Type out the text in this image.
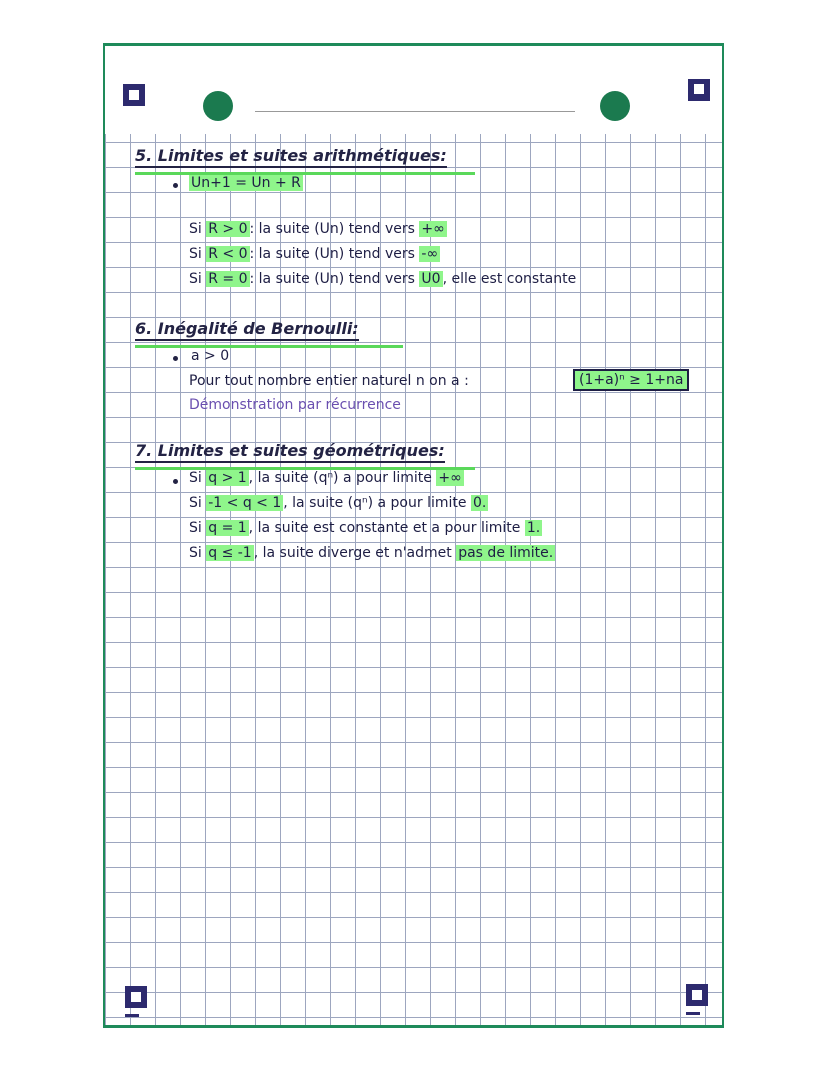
5. Limites et suites arithmétiques:
Un+1 = Un + R
Si R > 0 : la suite (Un) tend vers +∞
Si R < 0 : la suite (Un) tend vers -∞
Si R = 0 : la suite (Un) tend vers U0 , elle est constante
6. Inégalité de Bernoulli:
a > 0
Pour tout nombre entier naturel n on a :	(1+a)ⁿ ≥ 1+na
Démonstration par récurrence
7. Limites et suites géométriques:
Si q > 1 , la suite (qⁿ) a pour limite +∞
Si -1 < q < 1 , la suite (qⁿ) a pour limite 0.
Si q = 1 , la suite est constante et a pour limite 1.
Si q ≤ -1 , la suite diverge et n'admet pas de limite.
